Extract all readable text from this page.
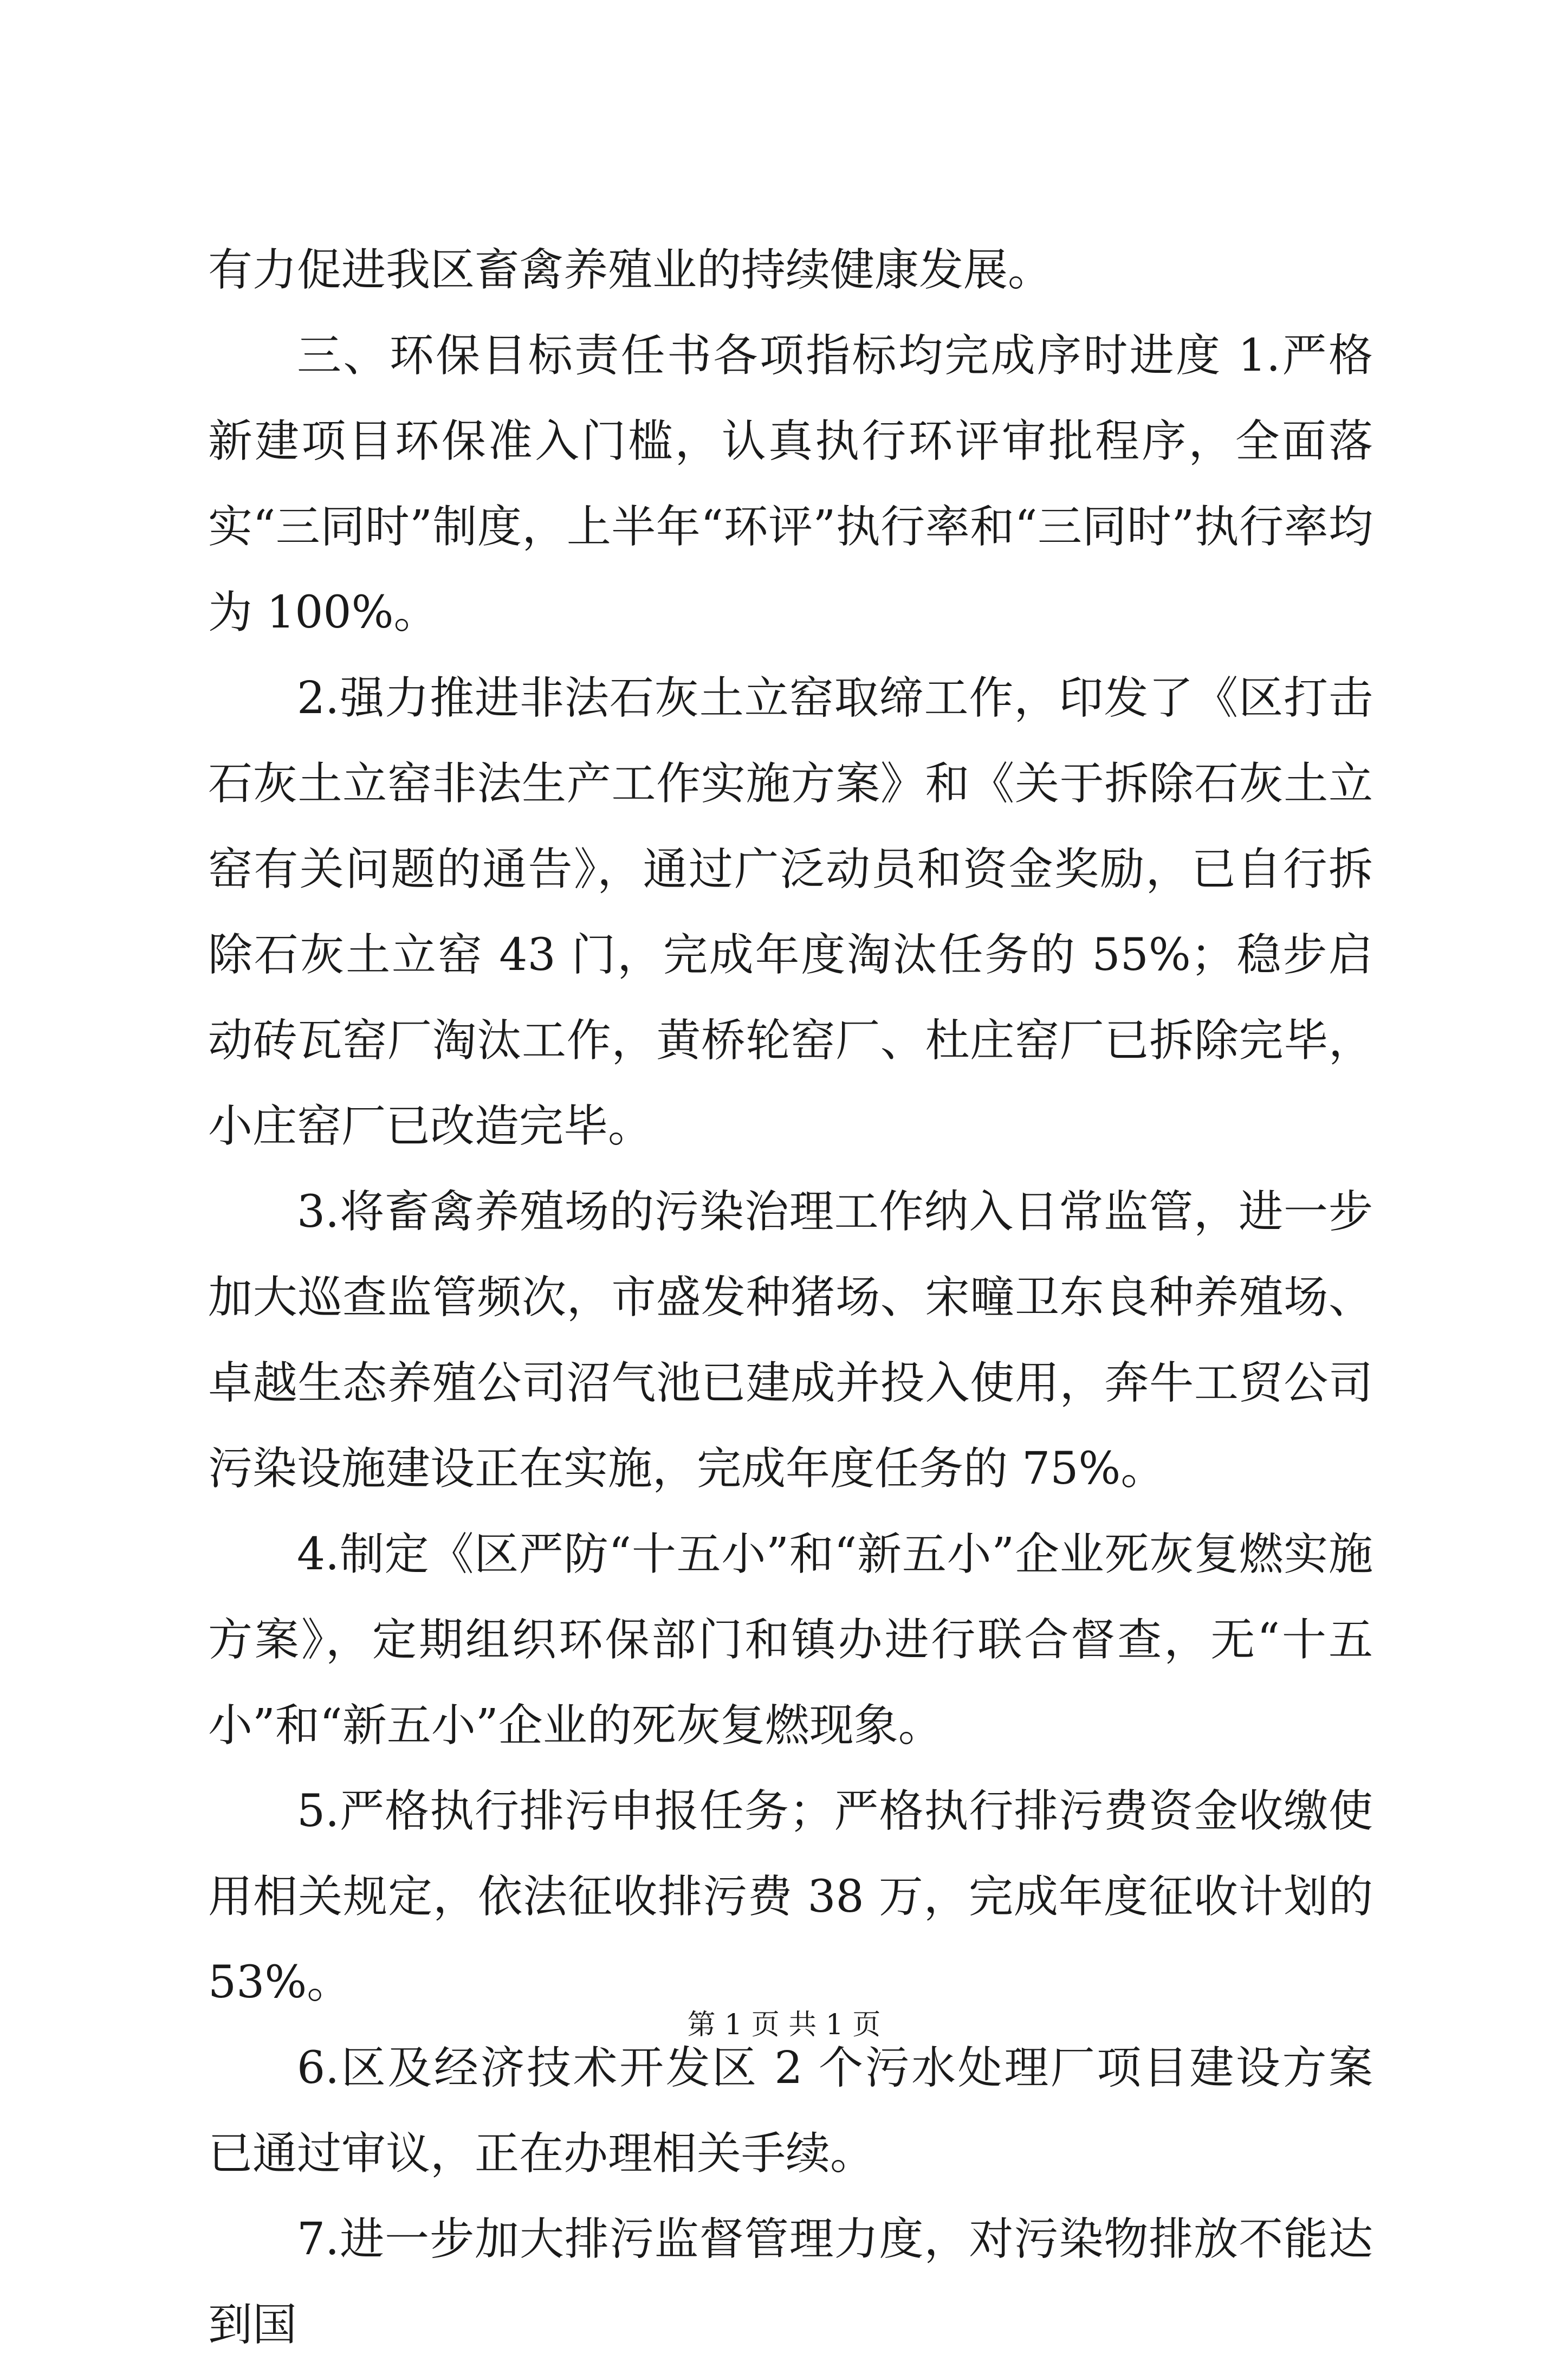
有力促进我区畜禽养殖业的持续健康发展。

三、环保目标责任书各项指标均完成序时进度 1.严格新建项目环保准入门槛，认真执行环评审批程序，全面落实“三同时”制度，上半年“环评”执行率和“三同时”执行率均为 100%。

2.强力推进非法石灰土立窑取缔工作，印发了《区打击石灰土立窑非法生产工作实施方案》和《关于拆除石灰土立窑有关问题的通告》，通过广泛动员和资金奖励，已自行拆除石灰土立窑 43 门，完成年度淘汰任务的 55%；稳步启动砖瓦窑厂淘汰工作，黄桥轮窑厂、杜庄窑厂已拆除完毕，小庄窑厂已改造完毕。

3.将畜禽养殖场的污染治理工作纳入日常监管，进一步加大巡查监管频次，市盛发种猪场、宋疃卫东良种养殖场、卓越生态养殖公司沼气池已建成并投入使用，奔牛工贸公司污染设施建设正在实施，完成年度任务的 75%。

4.制定《区严防“十五小”和“新五小”企业死灰复燃实施方案》，定期组织环保部门和镇办进行联合督查，无“十五小”和“新五小”企业的死灰复燃现象。

5.严格执行排污申报任务；严格执行排污费资金收缴使用相关规定，依法征收排污费 38 万，完成年度征收计划的 53%。

6.区及经济技术开发区 2 个污水处理厂项目建设方案已通过审议，正在办理相关手续。

7.进一步加大排污监督管理力度，对污染物排放不能达到国

第 1 页 共 1 页
